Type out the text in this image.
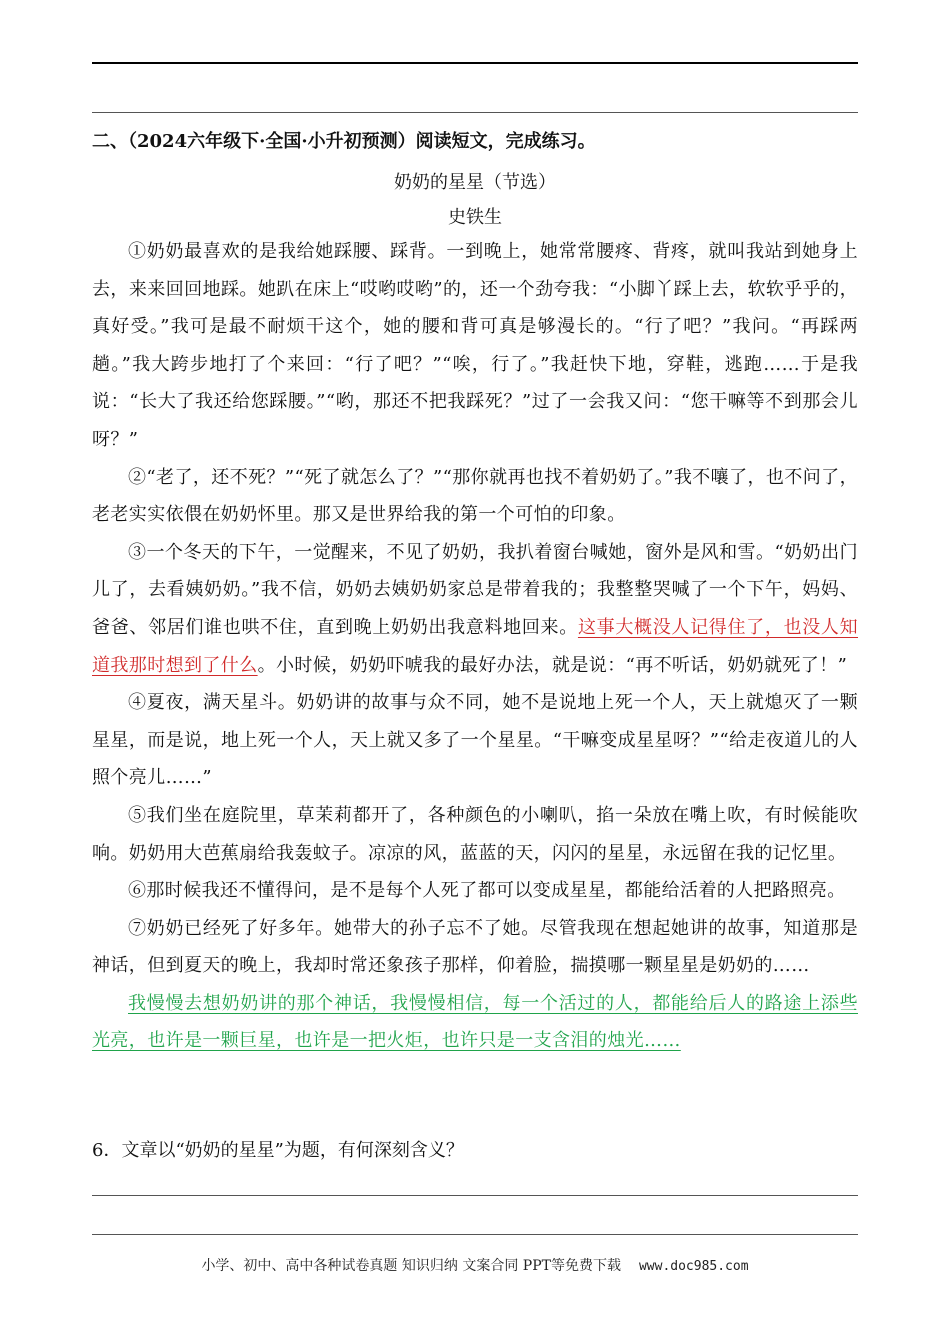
二、（2024六年级下·全国·小升初预测）阅读短文，完成练习。
奶奶的星星（节选）
史铁生

①奶奶最喜欢的是我给她踩腰、踩背。一到晚上，她常常腰疼、背疼，就叫我站到她身上去，来来回回地踩。她趴在床上“哎哟哎哟”的，还一个劲夸我：“小脚丫踩上去，软软乎乎的，真好受。”我可是最不耐烦干这个，她的腰和背可真是够漫长的。“行了吧？”我问。“再踩两趟。”我大跨步地打了个来回：“行了吧？”“唉，行了。”我赶快下地，穿鞋，逃跑……于是我说：“长大了我还给您踩腰。”“哟，那还不把我踩死？”过了一会我又问：“您干嘛等不到那会儿呀？”

②“老了，还不死？”“死了就怎么了？”“那你就再也找不着奶奶了。”我不嚷了，也不问了，老老实实依偎在奶奶怀里。那又是世界给我的第一个可怕的印象。

③一个冬天的下午，一觉醒来，不见了奶奶，我扒着窗台喊她，窗外是风和雪。“奶奶出门儿了，去看姨奶奶。”我不信，奶奶去姨奶奶家总是带着我的；我整整哭喊了一个下午，妈妈、爸爸、邻居们谁也哄不住，直到晚上奶奶出我意料地回来。这事大概没人记得住了，也没人知道我那时想到了什么。小时候，奶奶吓唬我的最好办法，就是说：“再不听话，奶奶就死了！”

④夏夜，满天星斗。奶奶讲的故事与众不同，她不是说地上死一个人，天上就熄灭了一颗星星，而是说，地上死一个人，天上就又多了一个星星。“干嘛变成星星呀？”“给走夜道儿的人照个亮儿……”

⑤我们坐在庭院里，草茉莉都开了，各种颜色的小喇叭，掐一朵放在嘴上吹，有时候能吹响。奶奶用大芭蕉扇给我轰蚊子。凉凉的风，蓝蓝的天，闪闪的星星，永远留在我的记忆里。

⑥那时候我还不懂得问，是不是每个人死了都可以变成星星，都能给活着的人把路照亮。

⑦奶奶已经死了好多年。她带大的孙子忘不了她。尽管我现在想起她讲的故事，知道那是神话，但到夏天的晚上，我却时常还象孩子那样，仰着脸，揣摸哪一颗星星是奶奶的……
我慢慢去想奶奶讲的那个神话，我慢慢相信，每一个活过的人，都能给后人的路途上添些光亮，也许是一颗巨星，也许是一把火炬，也许只是一支含泪的烛光……

6．文章以“奶奶的星星”为题，有何深刻含义？
小学、初中、高中各种试卷真题 知识归纳 文案合同 PPT等免费下载 www.doc985.com
